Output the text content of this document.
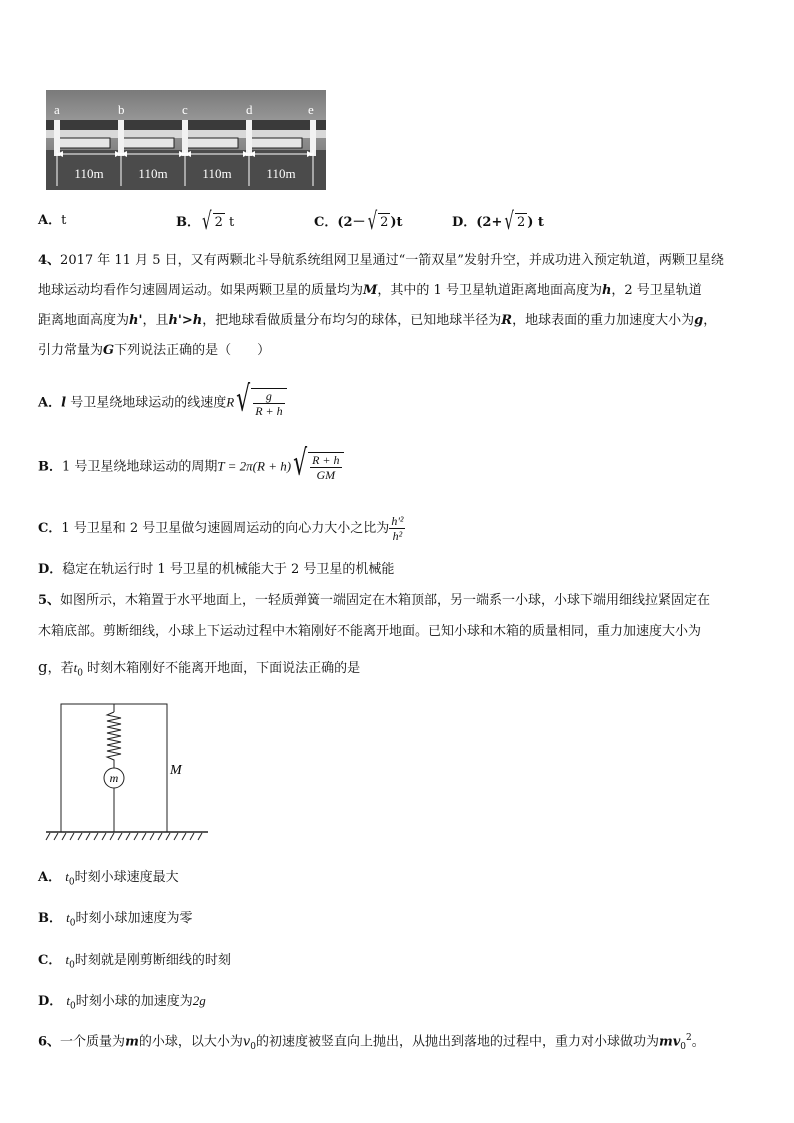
a	b	c	d	e
110m	110m	110m	110m
A．t	B． √ 2 t	C．(2－ √ 2 )t	D．(2+ √ 2 ) t
4、2017 年 11 月 5 日，又有两颗北斗导航系统组网卫星通过“一箭双星”发射升空，并成功进入预定轨道，两颗卫星绕
地球运动均看作匀速圆周运动。如果两颗卫星的质量均为M，其中的 1 号卫星轨道距离地面高度为h，2 号卫星轨道
距离地面高度为h'，且h'>h，把地球看做质量分布均匀的球体，已知地球半径为R，地球表面的重力加速度大小为g，
引力常量为G下列说法正确的是（　　）
A．l 号卫星绕地球运动的线速度$R√ \frac{g}{R + h}$
B．1 号卫星绕地球运动的周期$T = 2\pi(R + h)√ \frac{R + h}{GM}$
C．1 号卫星和 2 号卫星做匀速圆周运动的向心力大小之比为 $\frac{\text{h'²}}{\text{h²}}$
D．稳定在轨运行时 1 号卫星的机械能大于 2 号卫星的机械能
5、如图所示，木箱置于水平地面上，一轻质弹簧一端固定在木箱顶部，另一端系一小球，小球下端用细线拉紧固定在
木箱底部。剪断细线，小球上下运动过程中木箱刚好不能离开地面。已知小球和木箱的质量相同，重力加速度大小为
g，若$t_0$ 时刻木箱刚好不能离开地面，下面说法正确的是
m	M
A． $t_0$时刻小球速度最大
B． $t_0$时刻小球加速度为零
C． $t_0$时刻就是刚剪断细线的时刻
D． $t_0$时刻小球的加速度为2g
6、一个质量为m的小球，以大小为$v_0$的初速度被竖直向上抛出，从抛出到落地的过程中，重力对小球做功为$mv_0^2$。
